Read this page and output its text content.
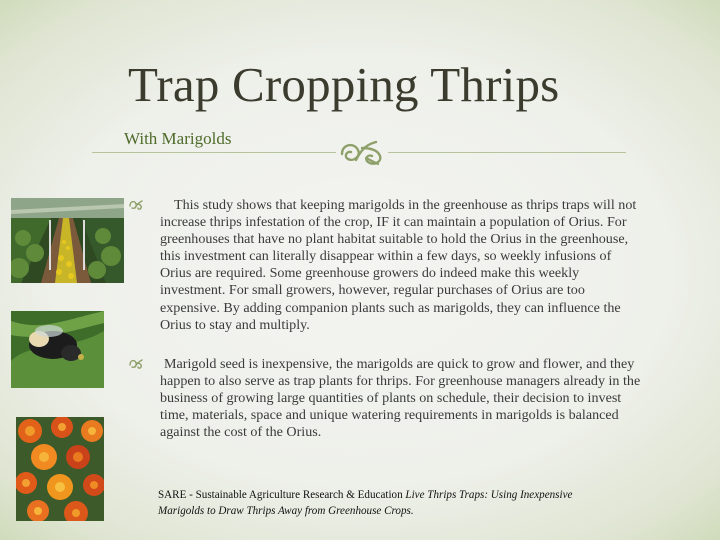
Trap Cropping Thrips
With Marigolds
This study shows that keeping marigolds in the greenhouse as thrips traps will not increase thrips infestation of the crop, IF it can maintain a population of Orius. For greenhouses that have no plant habitat suitable to hold the Orius in the greenhouse, this investment can literally disappear within a few days, so weekly infusions of Orius are required. Some greenhouse growers do indeed make this weekly investment. For small growers, however, regular purchases of Orius are too expensive. By adding companion plants such as marigolds, they can influence the Orius to stay and multiply.
Marigold seed is inexpensive, the marigolds are quick to grow and flower, and they happen to also serve as trap plants for thrips. For greenhouse managers already in the business of growing large quantities of plants on schedule, their decision to invest time, materials, space and unique watering requirements in marigolds is balanced against the cost of the Orius.
SARE - Sustainable Agriculture Research & Education Live Thrips Traps: Using Inexpensive Marigolds to Draw Thrips Away from Greenhouse Crops.
